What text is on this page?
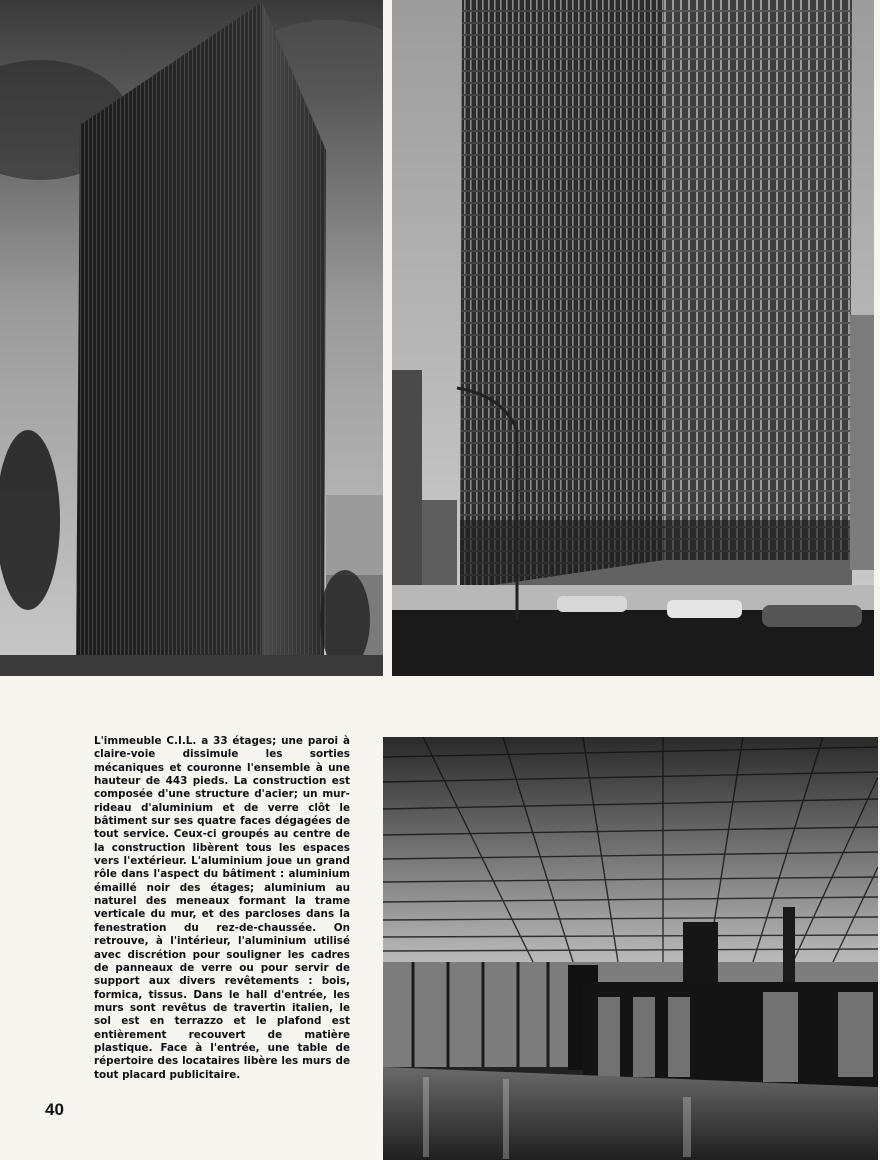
L'immeuble C.I.L. a 33 étages; une paroi à claire-voie dissimule les sorties mécaniques et couronne l'ensemble à une hauteur de 443 pieds. La construction est composée d'une structure d'acier; un mur-rideau d'aluminium et de verre clôt le bâtiment sur ses quatre faces dégagées de tout service. Ceux-ci groupés au centre de la construction libèrent tous les espaces vers l'extérieur. L'aluminium joue un grand rôle dans l'aspect du bâtiment : aluminium émaillé noir des étages; aluminium au naturel des meneaux formant la trame verticale du mur, et des parcloses dans la fenestration du rez-de-chaussée. On retrouve, à l'intérieur, l'aluminium utilisé avec discrétion pour souligner les cadres de panneaux de verre ou pour servir de support aux divers revêtements : bois, formica, tissus. Dans le hall d'entrée, les murs sont revêtus de travertin italien, le sol est en terrazzo et le plafond est entièrement recouvert de matière plastique. Face à l'entrée, une table de répertoire des locataires libère les murs de tout placard publicitaire.

40
